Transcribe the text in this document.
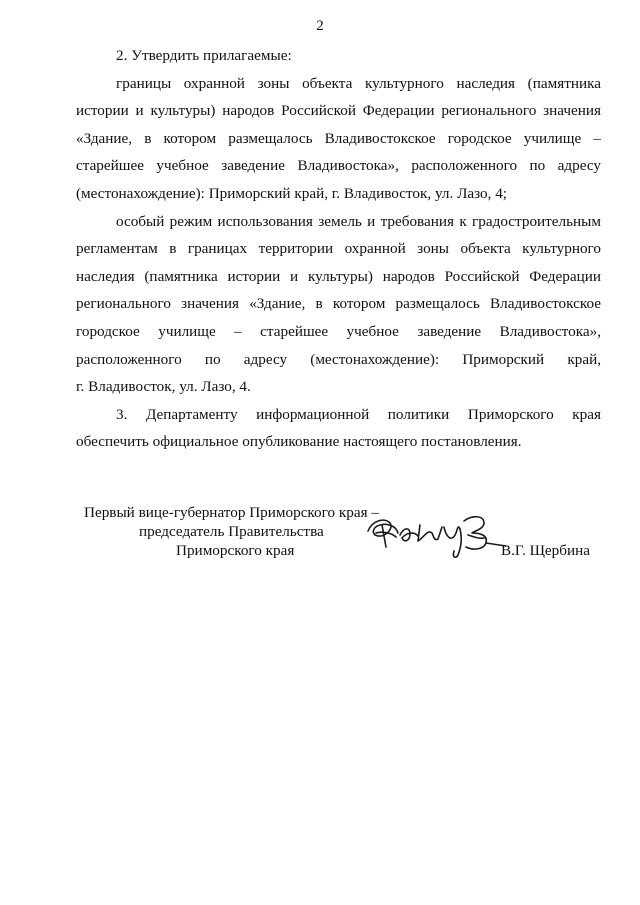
2

2. Утвердить прилагаемые:

границы охранной зоны объекта культурного наследия (памятника истории и культуры) народов Российской Федерации регионального значения «Здание, в котором размещалось Владивостокское городское училище – старейшее учебное заведение Владивостока», расположенного по адресу (местонахождение): Приморский край, г. Владивосток, ул. Лазо, 4;

особый режим использования земель и требования к градостроительным регламентам в границах территории охранной зоны объекта культурного наследия (памятника истории и культуры) народов Российской Федерации регионального значения «Здание, в котором размещалось Владивостокское городское училище – старейшее учебное заведение Владивостока», расположенного по адресу (местонахождение): Приморский край,

г. Владивосток, ул. Лазо, 4.

3. Департаменту информационной политики Приморского края обеспечить официальное опубликование настоящего постановления.

Первый вице-губернатор Приморского края –
председатель Правительства
Приморского края	В.Г. Щербина
